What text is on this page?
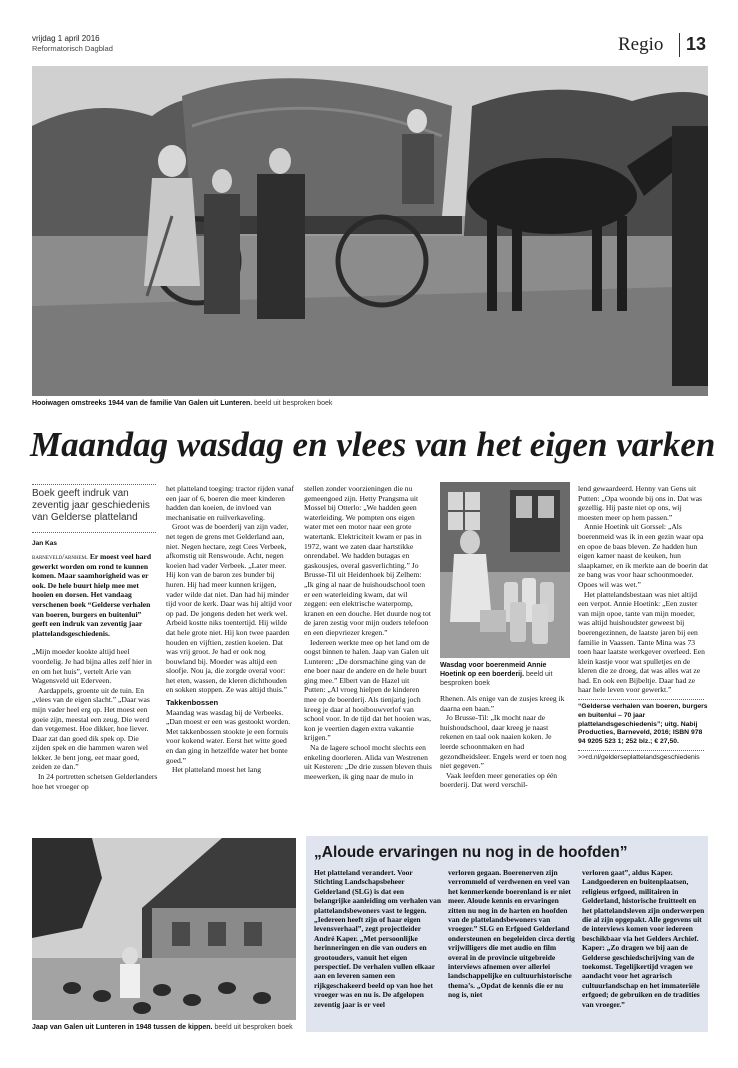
vrijdag 1 april 2016
Reformatorisch Dagblad	Regio 13
Hooiwagen omstreeks 1944 van de familie Van Galen uit Lunteren. beeld uit besproken boek
Maandag wasdag en vlees van het eigen varken
Boek geeft indruk van zeventig jaar geschiedenis van Gelderse platteland
Jan Kas

barneveld/arnhem. Er moest veel hard gewerkt worden om rond te kunnen komen. Maar saamhorigheid was er ook. De hele buurt hielp mee met hooien en dorsen. Het vandaag verschenen boek “Gelderse verhalen van boeren, burgers en buitenlui” geeft een indruk van zeventig jaar plattelandsgeschiedenis.

„Mijn moeder kookte altijd heel voordelig. Je had bijna alles zelf hier in en om het huis”, vertelt Arie van Wagensveld uit Ederveen.

Aardappels, groente uit de tuin. En „vlees van de eigen slacht.” „Daar was mijn vader heel erg op. Het moest een goeie zijn, meestal een zeug. Die werd dan vetgemest. Hoe dikker, hoe liever. Daar zat dan goed dik spek op. Die zijden spek en die hammen waren wel lekker. Je bent jong, eet maar goed, zeiden ze dan.”

In 24 portretten schetsen Gelderlanders hoe het vroeger op

het platteland toeging: tractor rijden vanaf een jaar of 6, boeren die meer kinderen hadden dan koeien, de invloed van mechanisatie en ruilverkaveling.

Groot was de boerderij van zijn vader, net tegen de grens met Gelderland aan, niet. Negen hectare, zegt Cees Verbeek, afkomstig uit Renswoude. Acht, negen koeien had vader Verbeek. „Later meer. Hij kon van de baron zes bunder bij huren. Hij had meer kunnen krijgen, vader wilde dat niet. Dan had hij minder tijd voor de kerk. Daar was hij altijd voor op pad. De jongens deden het werk wel. Arbeid kostte niks toentertijd. Hij wilde dat hele grote niet. Hij kon twee paarden houden en vijftien, zestien koeien. Dat was vrij groot. Je had er ook nog bouwland bij. Moeder was altijd een sloofje. Nou ja, die zorgde overal voor: het eten, wassen, de kleren dichthouden en sokken stoppen. Ze was altijd thuis.”

Takkenbossen

Maandag was wasdag bij de Verbeeks. „Dan moest er een was gestookt worden. Met takkenbossen stookte je een fornuis voor kokend water. Eerst het witte goed en dan ging in hetzelfde water het bonte goed.”

Het platteland moest het lang

stellen zonder voorzieningen die nu gemeengoed zijn. Hetty Prangsma uit Mossel bij Otterlo: „We hadden geen waterleiding. We pompten ons eigen water met een motor naar een grote watertank. Elektriciteit kwam er pas in 1972, want we zaten daar hartstikke onrendabel. We hadden butagas en gaskousjes, overal gasverlichting.” Jo Brusse-Til uit Heidenhoek bij Zelhem: „Ik ging al naar de huishoudschool toen er een waterleiding kwam, dat wil zeggen: een elektrische waterpomp, kranen en een douche. Het duurde nog tot de jaren zestig voor mijn ouders telefoon en een diepvriezer kregen.”

Iedereen werkte mee op het land om de oogst binnen te halen. Jaap van Galen uit Lunteren: „De dorsmachine ging van de ene boer naar de andere en de hele buurt ging mee.” Elbert van de Hazel uit Putten: „Al vroeg hielpen de kinderen mee op de boerderij. Als tienjarig joch kreeg je daar al hooibouwverlof van school voor. In de tijd dat het hooien was, kon je veertien dagen extra vakantie krijgen.”

Na de lagere school mocht slechts een enkeling doorleren. Alida van Westrenen uit Kesteren: „De drie zussen bleven thuis meewerken, ik ging naar de mulo in

Wasdag voor boerenmeid Annie Hoetink op een boerderij. beeld uit besproken boek

Rhenen. Als enige van de zusjes kreeg ik daarna een baan.”

Jo Brusse-Til: „Ik mocht naar de huishoudschool, daar kreeg je naast rekenen en taal ook naaien koken. Je leerde schoonmaken en had gezondheidsleer. Engels werd er toen nog niet gegeven.”

Vaak leefden meer generaties op één boerderij. Dat werd verschil-

lend gewaardeerd. Henny van Gens uit Putten: „Opa woonde bij ons in. Dat was gezellig. Hij paste niet op ons, wij moesten meer op hem passen.”

Annie Hoetink uit Gorssel: „Als boerenmeid was ik in een gezin waar opa en opoe de baas bleven. Ze hadden hun eigen kamer naast de keuken, hun slaapkamer, en ik merkte aan de boerin dat ze bang was voor haar schoonmoeder. Opoes wil was wet.”

Het plattelandsbestaan was niet altijd een verpot. Annie Hoetink: „Een zuster van mijn opoe, tante van mijn moeder, was altijd huishoudster geweest bij boerengezinnen, de laatste jaren bij een familie in Vaassen. Tante Mina was 73 toen haar laatste werkgever overleed. Een klein kastje voor wat spulletjes en de kleren die ze droeg, dat was alles wat ze had. En ook een Bijbeltje. Daar had ze haar hele leven voor gewerkt.”

“Gelderse verhalen van boeren, burgers en buitenlui – 70 jaar plattelandsgeschiedenis”; uitg. Nabij Producties, Barneveld, 2016; ISBN 978 94 9205 523 1; 252 blz.; € 27,50.

>>rd.nl/gelderseplattelandsgeschiedenis

Jaap van Galen uit Lunteren in 1948 tussen de kippen. beeld uit besproken boek
„Aloude ervaringen nu nog in de hoofden”
Het platteland verandert. Voor Stichting Landschapsbeheer Gelderland (SLG) is dat een belangrijke aanleiding om verhalen van plattelandsbewoners vast te leggen. „Iedereen heeft zijn of haar eigen levensverhaal”, zegt projectleider André Kaper. „Met persoonlijke herinneringen en die van ouders en grootouders, vanuit het eigen perspectief. De verhalen vullen elkaar aan en leveren samen een rijkgeschakeerd beeld op van hoe het vroeger was en nu is. De afgelopen zeventig jaar is er veel
verloren gegaan. Boerenerven zijn verrommeld of verdwenen en veel van het kenmerkende boerenland is er niet meer. Aloude kennis en ervaringen zitten nu nog in de harten en hoofden van de plattelandsbewoners van vroeger.” SLG en Erfgoed Gelderland ondersteunen en begeleiden circa dertig vrijwilligers die met audio en film overal in de provincie uitgebreide interviews afnemen over allerlei landschappelijke en cultuurhistorische thema’s. „Opdat de kennis die er nu nog is, niet
verloren gaat”, aldus Kaper. Landgoederen en buitenplaatsen, religieus erfgoed, militairen in Gelderland, historische fruitteelt en het plattelandsleven zijn onderwerpen die al zijn opgepakt. Alle gegevens uit de interviews komen voor iedereen beschikbaar via het Gelders Archief. Kaper: „Zo dragen we bij aan de Gelderse geschiedschrijving van de toekomst. Tegelijkertijd vragen we aandacht voor het agrarisch cultuurlandschap en het immateriële erfgoed; de gebruiken en de tradities van vroeger.”
